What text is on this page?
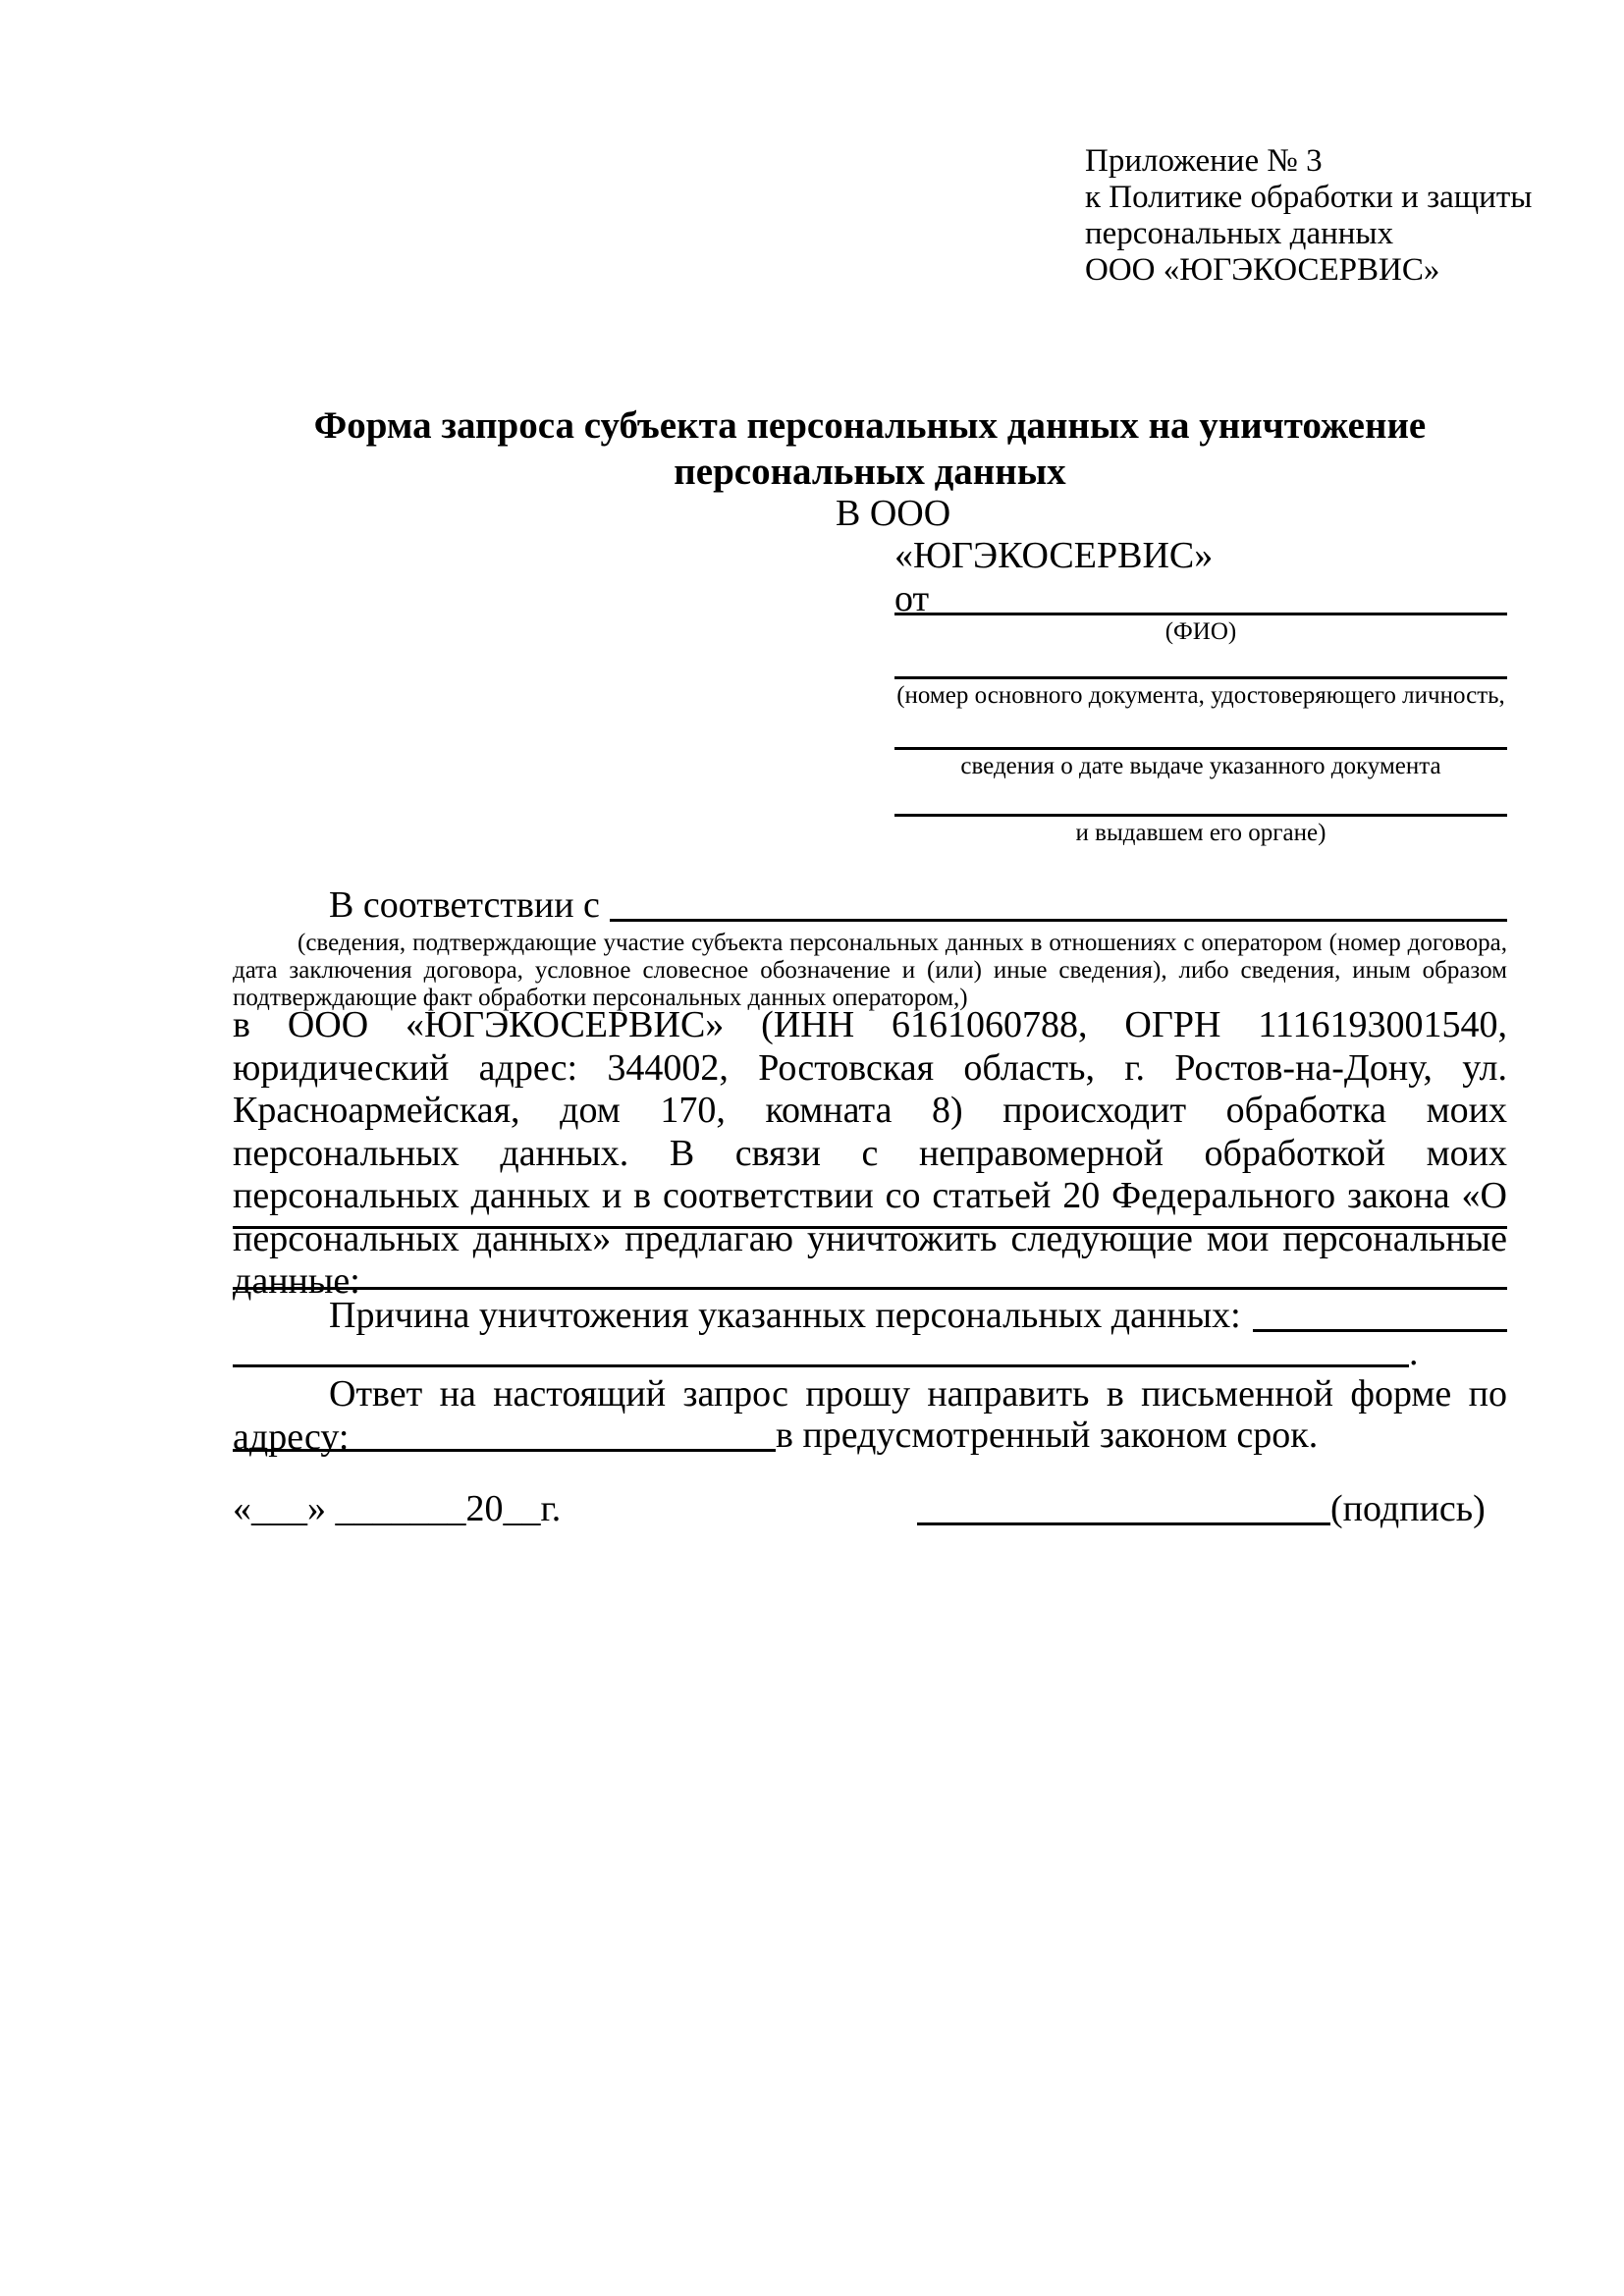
Приложение № 3
к Политике обработки и защиты
персональных данных
ООО «ЮГЭКОСЕРВИС»
Форма запроса субъекта персональных данных на уничтожение
персональных данных
В ООО
«ЮГЭКОСЕРВИС»
от
(ФИО)
(номер основного документа, удостоверяющего личность,
сведения о дате выдаче указанного документа
и выдавшем его органе)
В соответствии с
(сведения, подтверждающие участие субъекта персональных данных в отношениях с оператором (номер договора, дата заключения договора, условное словесное обозначение и (или) иные сведения), либо сведения, иным образом подтверждающие факт обработки персональных данных оператором,)
в ООО «ЮГЭКОСЕРВИС» (ИНН 6161060788, ОГРН 1116193001540, юридический адрес: 344002, Ростовская область, г. Ростов-на-Дону, ул. Красноармейская, дом 170, комната 8) происходит обработка моих персональных данных. В связи с неправомерной обработкой моих персональных данных и в соответствии со статьей 20 Федерального закона «О персональных данных» предлагаю уничтожить следующие мои персональные данные:
Причина уничтожения указанных персональных данных:
.
Ответ на настоящий запрос прошу направить в письменной форме по адресу:	в предусмотренный законом срок.
«___» _______20__г.	(подпись)
